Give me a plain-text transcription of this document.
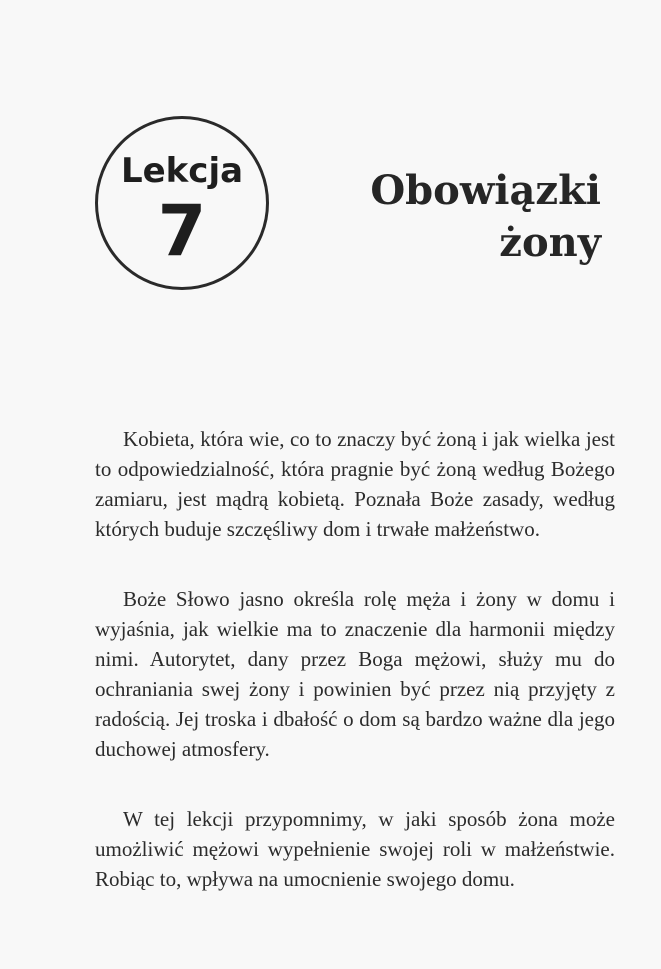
Lekcja
7	Obowiązki
żony

Kobieta, która wie, co to znaczy być żoną i jak wielka jest to odpowiedzialność, która pragnie być żoną według Bożego zamiaru, jest mądrą kobietą. Poznała Boże zasady, według których buduje szczęśliwy dom i trwałe małżeństwo.

Boże Słowo jasno określa rolę męża i żony w domu i wyjaśnia, jak wielkie ma to znaczenie dla harmonii między nimi. Autorytet, dany przez Boga mężowi, służy mu do ochraniania swej żony i powinien być przez nią przyjęty z radością. Jej troska i dbałość o dom są bardzo ważne dla jego duchowej atmosfery.

W tej lekcji przypomnimy, w jaki sposób żona może umożliwić mężowi wypełnienie swojej roli w małżeństwie. Robiąc to, wpływa na umocnienie swojego domu.
